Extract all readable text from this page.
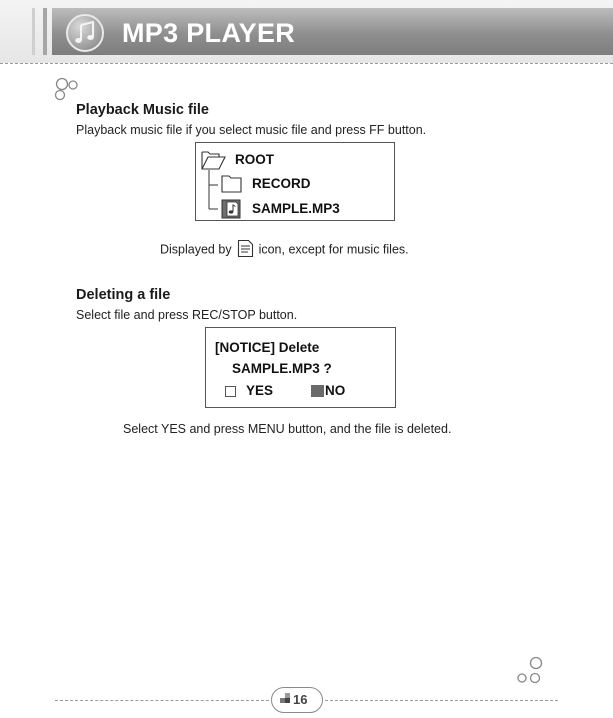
MP3 PLAYER
Playback Music file
Playback music file if you select music file and press FF button.
ROOT
RECORD
SAMPLE.MP3
Displayed by icon, except for music files.
Deleting a file
Select file and press REC/STOP button.
[NOTICE] Delete
SAMPLE.MP3 ?
YES	NO
Select YES and press MENU button, and the file is deleted.
16
